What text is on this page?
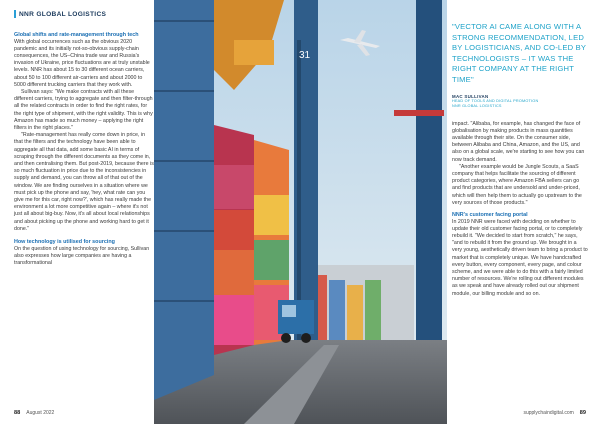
NNR GLOBAL LOGISTICS
Global shifts and rate-management through tech

With global occurrences such as the obvious 2020 pandemic and its initially not-so-obvious supply-chain consequences, the US–China trade war and Russia's invasion of Ukraine, price fluctuations are at truly unstable levels. NNR has about 15 to 30 different ocean carriers, about 50 to 100 different air-carriers and about 2000 to 5000 different trucking carriers that they work with.

Sullivan says: "We make contracts with all these different carriers, trying to aggregate and then filter-through all the related contracts in order to find the right rates, for the right type of shipment, with the right validity. This is why Amazon has made so much money – applying the right filters in the right places."

"Rate-management has really come down in price, in that the filters and the technology have been able to aggregate all that data, add some basic AI in terms of scraping through the different documents as they come in, and then centralising them. But post-2019, because there is so much fluctuation in price due to the inconsistencies in supply and demand, you can throw all of that out of the window. We are finding ourselves in a situation where we must pick up the phone and say, 'hey, what rate can you give me for this car, right now?', which has really made the environment a lot more competitive again – where it's not just all about big-buy. Now, it's all about local relationships and about picking up the phone and working hard to get it done."

How technology is utilised for sourcing

On the question of using technology for sourcing, Sullivan also expresses how large companies are having a transformational

31
"VECTOR AI CAME ALONG WITH A STRONG RECOMMENDATION, LED BY LOGISTICIANS, AND CO-LED BY TECHNOLOGISTS – IT WAS THE RIGHT COMPANY AT THE RIGHT TIME"
MAC SULLIVAN
HEAD OF TOOLS AND DIGITAL PROMOTION
NNR GLOBAL LOGISTICS

impact. "Alibaba, for example, has changed the face of globalisation by making products in mass quantities available through their site. On the consumer side, between Alibaba and China, Amazon, and the US, and also on a global scale, we're starting to see how you can now track demand.

"Another example would be Jungle Scouts, a SaaS company that helps facilitate the sourcing of different product categories, where Amazon FBA sellers can go and find products that are undersold and under-priced, which will then help them to actually go upstream to the very sources of those products."

NNR's customer facing portal

In 2019 NNR were faced with deciding on whether to update their old customer facing portal, or to completely rebuild it. "We decided to start from scratch," he says, "and to rebuild it from the ground up. We brought in a very young, aesthetically driven team to bring a product to market that is completely unique. We have handcrafted every button, every component, every page, and colour scheme, and we were able to do this with a fairly limited number of resources. We're rolling out different modules as we speak and have already rolled out our shipment module, our billing module and so on.

88 August 2022	supplychaindigital.com 89
